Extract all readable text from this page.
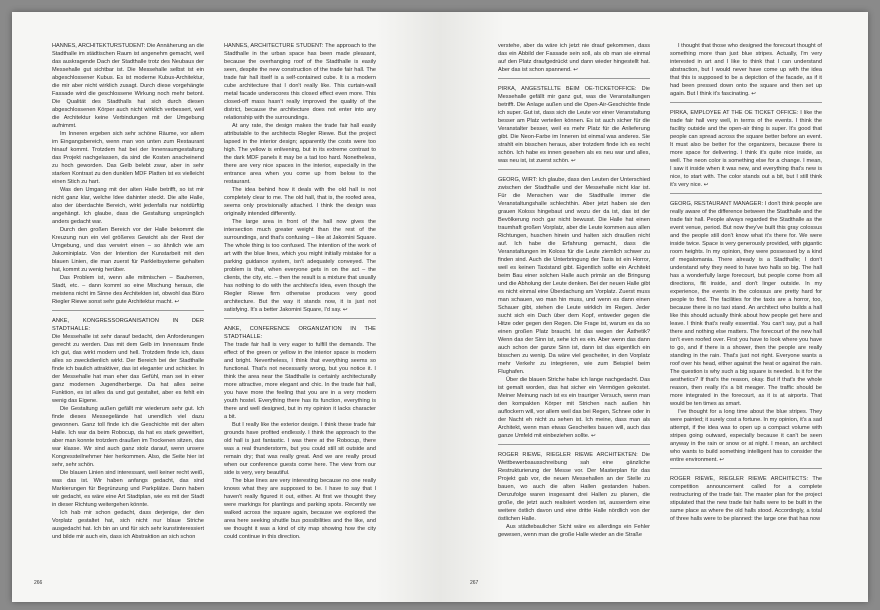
HANNES, ARCHITEKTURSTUDENT: Die Annäherung an die Stadthalle im städtischen Raum ist angenehm gemacht, weil das auskragende Dach der Stadthalle trotz des Neubaus der Messehalle gut sichtbar ist. Die Messehalle selbst ist ein abgeschlossener Kubus. Es ist moderne Kubus-Architektur, die mir aber nicht wirklich zusagt. Durch diese vorgehängte Fassade wird die geschlossene Wirkung noch mehr betont. Die Qualität des Stadthalls hat sich durch diesen abgeschlossenen Körper auch nicht wirklich verbessert, weil die Architektur keine Verbindungen mit der Umgebung aufnimmt.

Im Inneren ergeben sich sehr schöne Räume, vor allem im Eingangsbereich, wenn man von unten zum Restaurant hinauf kommt. Trotzdem hat bei der Innenraumgestaltung das Projekt nachgelassen, da sind die Kosten anscheinend zu hoch geworden. Das Gelb belebt zwar, aber in sehr starken Kontrast zu den dunklen MDF Platten ist es vielleicht einen Stich zu hart.

Was den Umgang mit der alten Halle betrifft, so ist mir nicht ganz klar, welche Idee dahinter steckt. Die alte Halle, also der überdachte Bereich, wirkt jedenfalls nur notdürftig angehängt. Ich glaube, dass die Gestaltung ursprünglich anders gedacht war.

Durch den großen Bereich vor der Halle bekommt die Kreuzung nun ein viel größeres Gewicht als der Rest der Umgebung, und das verwirrt einen – so ähnlich wie am Jakominiplatz. Von der Intention der Kunstarbeit mit den blauen Linien, die man zuerst für Parkleitsysteme gehalten hat, kommt zu wenig herüber.

Das Problem ist, wenn alle mitmischen – Bauherren, Stadt, etc. – dann kommt so eine Mischung heraus, die meistens nicht im Sinne des Architekten ist, obwohl das Büro Riegler Riewe sonst sehr gute Architektur macht. ↩

ANKE, KONGRESSORGANISATION IN DER STADTHALLE:

Die Messehalle ist sehr darauf bedacht, den Anforderungen gerecht zu werden. Das mit dem Gelb im Innenraum finde ich gut, das wirkt modern und hell. Trotzdem finde ich, dass alles so zweckdienlich wirkt. Der Bereich bei der Stadthalle finde ich baulich attraktiver, das ist eleganter und schicker. In der Messehalle hat man eher das Gefühl, man sei in einer ganz modernen Jugendherberge. Da hat alles seine Funktion, es ist alles da und gut gestaltet, aber es fehlt ein wenig das Eigene.

Die Gestaltung außen gefällt mir wiederum sehr gut. Ich finde dieses Messegelände hat unendlich viel dazu gewonnen. Ganz toll finde ich die Geschichte mit der alten Halle. Ich war da beim Robocup, da hat es stark geweittert, aber man konnte trotzdem draußen im Trockenen sitzen, das war klasse. Wir sind auch ganz stolz darauf, wenn unsere Kongressteilnehmer hier herkommen. Also, die Seite hier ist sehr, sehr schön.

Die blauen Linien sind interessant, weil keiner recht weiß, was das ist. Wir haben anfangs gedacht, das sind Markierungen für Begrünzung und Parkplätze. Dann haben wir gedacht, es wäre eine Art Stadtplan, wie es mit der Stadt in dieser Richtung weitergehen könnte.

Ich hab mir schon gedacht, dass derjenige, der den Vorplatz gestaltet hat, sich nicht nur blaue Striche ausgedacht hat. Ich bin an und für sich sehr kunstinteressiert und bilde mir auch ein, dass ich Abstraktion an sich schon

HANNES, ARCHITECTURE STUDENT: The approach to the Stadthalle in the urban space has been made pleasant, because the overhanging roof of the Stadthalle is easily seen, despite the new construction of the trade fair hall. The trade fair hall itself is a self-contained cube. It is a modern cube architecture that I don't really like. This curtain-wall metal facade underscores this closed effect even more. This closed-off mass hasn't really improved the quality of the district, because the architecture does not enter into any relationship with the surroundings.

At any rate, the design makes the trade fair hall easily attributable to the architects Riegler Riewe. But the project lapsed in the interior design; apparently the costs were too high. The yellow is enlivening, but in its extreme contrast to the dark MDF panels it may be a tad too hard. Nonetheless, there are very nice spaces in the interior, especially in the entrance area when you come up from below to the restaurant.

The idea behind how it deals with the old hall is not completely clear to me. The old hall, that is, the roofed area, seems only provisionally attached. I think the design was originally intended differently.

The large area in front of the hall now gives the intersection much greater weight than the rest of the surroundings, and that's confusing – like at Jakomini Square. The whole thing is too confused. The intention of the work of art with the blue lines, which you might initially mistake for a parking guidance system, isn't adequately conveyed. The problem is that, when everyone gets in on the act – the clients, the city, etc. – then the result is a mixture that usually has nothing to do with the architect's idea, even though the Riegler Riewe firm otherwise produces very good architecture. But the way it stands now, it is just not satisfying. It's a better Jakomini Square, I'd say. ↩

ANKE, CONFERENCE ORGANIZATION IN THE STADTHALLE:

The trade fair hall is very eager to fulfill the demands. The effect of the green or yellow in the interior space is modern and bright. Nevertheless, I think that everything seems so functional. That's not necessarily wrong, but you notice it. I think the area near the Stadthalle is certainly architecturally more attractive, more elegant and chic. In the trade fair hall, you have more the feeling that you are in a very modern youth hostel. Everything there has its function, everything is there and well designed, but in my opinion it lacks character a bit.

But I really like the exterior design. I think these trade fair grounds have profited endlessly. I think the approach to the old hall is just fantastic. I was there at the Robocup, there was a real thunderstorm, but you could still sit outside and remain dry; that was really great. And we are really proud when our conference guests come here. The view from our side is very, very beautiful.

The blue lines are very interesting because no one really knows what they are supposed to be. I have to say that I haven't really figured it out, either. At first we thought they were markings for plantings and parking spots. Recently we walked across the square again, because we explored the area here seeking shuttle bus possibilities and the like, and we thought it was a kind of city map showing how the city could continue in this direction.

266

verstehe, aber da wäre ich jetzt nie drauf gekommen, dass das ein Abbild der Fassade sein soll, als ob man sie einmal auf den Platz draufgedrückt und dann wieder hingestellt hat. Aber das ist schon spannend. ↩

PIRKA, ANGESTELLTE BEIM OE-TICKETOFFICE: Die Messehalle gefällt mir ganz gut, was die Veranstaltungen betrifft. Die Anlage außen und die Open-Air-Geschichte finde ich super. Gut ist, dass sich die Leute vor einer Veranstaltung besser am Platz verteilen können. Es ist auch sicher für die Veranstalter besser, weil es mehr Platz für die Anlieferung gibt. Die Neon-Farbe im Inneren ist einmal was anderes. Sie strahlt ein bisschen heraus, aber trotzdem finde ich es recht schön. Ich habe es innen gesehen als es neu war und alles, was neu ist, ist zuerst schön. ↩

GEORG, WIRT: Ich glaube, dass den Leuten der Unterschied zwischen der Stadthalle und der Messehalle nicht klar ist. Für die Menschen war die Stadthalle immer die Veranstaltungshalle schlechthin. Aber jetzt haben sie den grauen Koloss hingebaut und wozu der da ist, das ist der Bevölkerung noch gar nicht bewusst. Die Halle hat einen traumhaft großen Vorplatz, aber die Leute kommen aus allen Richtungen, huschen hinein und halten sich draußen nicht auf. Ich habe die Erfahrung gemacht, dass die Veranstaltungen im Koloss für die Leute ziemlich schwer zu finden sind. Auch die Unterbringung der Taxis ist ein Horror, weil es keinen Taxistand gibt. Eigentlich sollte ein Architekt beim Bau einer solchen Halle auch primär an die Bringung und die Abholung der Leute denken. Bei der neuen Halle gibt es nicht einmal eine Überdachung am Vorplatz. Zuerst muss man schauen, wo man hin muss, und wenn es dann einen Schauer gibt, stehen die Leute wirklich im Regen. Jeder sucht sich ein Dach über dem Kopf, entweder gegen die Hitze oder gegen den Regen. Die Frage ist, warum es da so einen großen Platz braucht. Ist das wegen der Ästhetik? Wenn das der Sinn ist, sehe ich es ein. Aber wenn das dann auch schon der ganze Sinn ist, dann ist das eigentlich ein bisschen zu wenig. Da wäre viel gescheiter, in den Vorplatz mehr Verkehr zu integrieren, wie zum Beispiel beim Flughafen.

Über die blauen Striche habe ich lange nachgedacht. Das ist gemalt worden, das hat sicher ein Vermögen gekostet. Meiner Meinung nach ist es ein trauriger Versuch, wenn man den kompakten Körper mit Strichen nach außen hin auflockern will, vor allem weil das bei Regen, Schnee oder in der Nacht eh nicht zu sehen ist. Ich meine, dass man als Architekt, wenn man etwas Gescheites bauen will, auch das ganze Umfeld mit einbeziehen sollte. ↩

ROGER RIEWE, RIEGLER RIEWE ARCHITEKTEN: Die Wettbewerbsausschreibung sah eine gänzliche Restrukturierung der Messe vor. Der Masterplan für das Projekt gab vor, die neuen Messehallen an der Stelle zu bauen, wo auch die alten Hallen gestanden haben. Denzufolge waren insgesamt drei Hallen zu planen, die große, die jetzt auch realisiert worden ist, ausserdem eine weitere östlich davon und eine dritte Halle nördlich von der östlichen Halle.

Aus städtebaulicher Sicht wäre es allerdings ein Fehler gewesen, wenn man die große Halle wieder an die Straße

I thought that those who designed the forecourt thought of something more than just blue stripes. Actually, I'm very interested in art and I like to think that I can understand abstraction, but I would never have come up with the idea that this is supposed to be a depiction of the facade, as if it had been pressed down onto the square and then set up again. But I think it's fascinating. ↩

PIRKA, EMPLOYEE AT THE OE TICKET OFFICE: I like the trade fair hall very well, in terms of the events. I think the facility outside and the open-air thing is super. It's good that people can spread across the square better before an event. It must also be better for the organizers, because there is more space for delivering. I think it's quite nice inside, as well. The neon color is something else for a change. I mean, I saw it inside when it was new, and everything that's new is nice, to start with. The color stands out a bit, but I still think it's very nice. ↩

GEORG, RESTAURANT MANAGER: I don't think people are really aware of the difference between the Stadthalle and the trade fair hall. People always regarded the Stadthalle as the event venue, period. But now they've built this gray colossus and the people still don't know what it's there for. We were inside twice. Space is very generously provided, with gigantic room heights. In my opinion, they were possessed by a kind of megalomania. There already is a Stadthalle; I don't understand why they need to have two halls so big. The hall has a wonderfully large forecourt, but people come from all directions, flit inside, and don't linger outside. In my experience, the events in the colossus are pretty hard for people to find. The facilities for the taxis are a horror, too, because there is no taxi stand. An architect who builds a hall like this should actually think about how people get here and leave. I think that's really essential. You can't say, put a hall there and nothing else matters. The forecourt of the new hall isn't even roofed over. First you have to look where you have to go, and if there is a shower, then the people are really standing in the rain. That's just not right. Everyone wants a roof over his head, either against the heat or against the rain. The question is why such a big square is needed. Is it for the aesthetics? If that's the reason, okay. But if that's the whole reason, then really it's a bit meager. The traffic should be more integrated in the forecourt, as it is at airports. That would be ten times as smart.

I've thought for a long time about the blue stripes. They were painted; it surely cost a fortune. In my opinion, it's a sad attempt, if the idea was to open up a compact volume with stripes going outward, especially because it can't be seen anyway in the rain or snow or at night. I mean, an architect who wants to build something intelligent has to consider the entire environment. ↩

ROGER RIEWE, RIEGLER RIEWE ARCHITECTS: The competition announcement called for a complete restructuring of the trade fair. The master plan for the project stipulated that the new trade fair halls were to be built in the same place as where the old halls stood. Accordingly, a total of three halls were to be planned: the large one that has now

267
